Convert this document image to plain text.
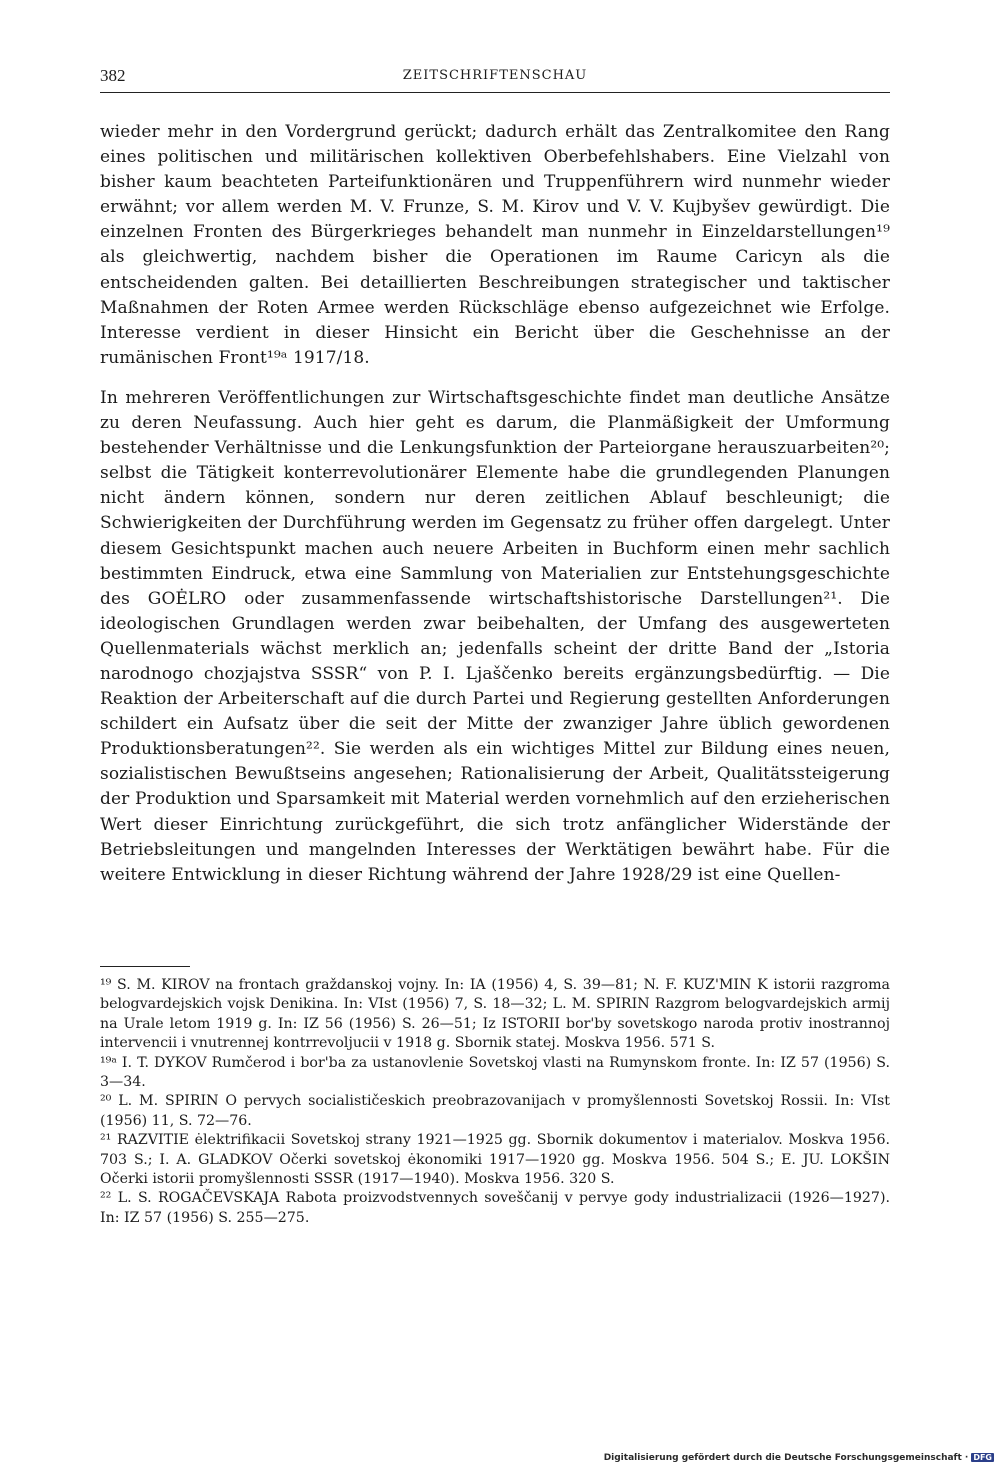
382	ZEITSCHRIFTENSCHAU

wieder mehr in den Vordergrund gerückt; dadurch erhält das Zentralkomitee den Rang eines politischen und militärischen kollektiven Oberbefehlshabers. Eine Vielzahl von bisher kaum beachteten Parteifunktionären und Truppenführern wird nunmehr wieder erwähnt; vor allem werden M. V. Frunze, S. M. Kirov und V. V. Kujbyšev gewürdigt. Die einzelnen Fronten des Bürgerkrieges behandelt man nunmehr in Einzeldarstellungen¹⁹ als gleichwertig, nachdem bisher die Operationen im Raume Caricyn als die entscheidenden galten. Bei detaillierten Beschreibungen strategischer und taktischer Maßnahmen der Roten Armee werden Rückschläge ebenso aufgezeichnet wie Erfolge. Interesse verdient in dieser Hinsicht ein Bericht über die Geschehnisse an der rumänischen Front¹⁹ᵃ 1917/18.

In mehreren Veröffentlichungen zur Wirtschaftsgeschichte findet man deutliche Ansätze zu deren Neufassung. Auch hier geht es darum, die Planmäßigkeit der Umformung bestehender Verhältnisse und die Lenkungsfunktion der Parteiorgane herauszuarbeiten²⁰; selbst die Tätigkeit konterrevolutionärer Elemente habe die grundlegenden Planungen nicht ändern können, sondern nur deren zeitlichen Ablauf beschleunigt; die Schwierigkeiten der Durchführung werden im Gegensatz zu früher offen dargelegt. Unter diesem Gesichtspunkt machen auch neuere Arbeiten in Buchform einen mehr sachlich bestimmten Eindruck, etwa eine Sammlung von Materialien zur Entstehungsgeschichte des GOĖLRO oder zusammenfassende wirtschaftshistorische Darstellungen²¹. Die ideologischen Grundlagen werden zwar beibehalten, der Umfang des ausgewerteten Quellenmaterials wächst merklich an; jedenfalls scheint der dritte Band der „Istoria narodnogo chozjajstva SSSR“ von P. I. Ljaščenko bereits ergänzungsbedürftig. — Die Reaktion der Arbeiterschaft auf die durch Partei und Regierung gestellten Anforderungen schildert ein Aufsatz über die seit der Mitte der zwanziger Jahre üblich gewordenen Produktionsberatungen²². Sie werden als ein wichtiges Mittel zur Bildung eines neuen, sozialistischen Bewußtseins angesehen; Rationalisierung der Arbeit, Qualitätssteigerung der Produktion und Sparsamkeit mit Material werden vornehmlich auf den erzieherischen Wert dieser Einrichtung zurückgeführt, die sich trotz anfänglicher Widerstände der Betriebsleitungen und mangelnden Interesses der Werktätigen bewährt habe. Für die weitere Entwicklung in dieser Richtung während der Jahre 1928/29 ist eine Quellen-

¹⁹ S. M. KIROV na frontach graždanskoj vojny. In: IA (1956) 4, S. 39—81; N. F. KUZ'MIN K istorii razgroma belogvardejskich vojsk Denikina. In: VIst (1956) 7, S. 18—32; L. M. SPIRIN Razgrom belogvardejskich armij na Urale letom 1919 g. In: IZ 56 (1956) S. 26—51; Iz ISTORII bor'by sovetskogo naroda protiv inostrannoj intervencii i vnutrennej kontrrevoljucii v 1918 g. Sbornik statej. Moskva 1956. 571 S.

¹⁹ᵃ I. T. DYKOV Rumčerod i bor'ba za ustanovlenie Sovetskoj vlasti na Rumynskom fronte. In: IZ 57 (1956) S. 3—34.

²⁰ L. M. SPIRIN O pervych socialističeskich preobrazovanijach v promyšlennosti Sovetskoj Rossii. In: VIst (1956) 11, S. 72—76.

²¹ RAZVITIE ėlektrifikacii Sovetskoj strany 1921—1925 gg. Sbornik dokumentov i materialov. Moskva 1956. 703 S.; I. A. GLADKOV Očerki sovetskoj ėkonomiki 1917—1920 gg. Moskva 1956. 504 S.; E. JU. LOKŠIN Očerki istorii promyšlennosti SSSR (1917—1940). Moskva 1956. 320 S.

²² L. S. ROGAČEVSKAJA Rabota proizvodstvennych soveščanij v pervye gody industrializacii (1926—1927). In: IZ 57 (1956) S. 255—275.

Digitalisierung gefördert durch die Deutsche Forschungsgemeinschaft · DFG
